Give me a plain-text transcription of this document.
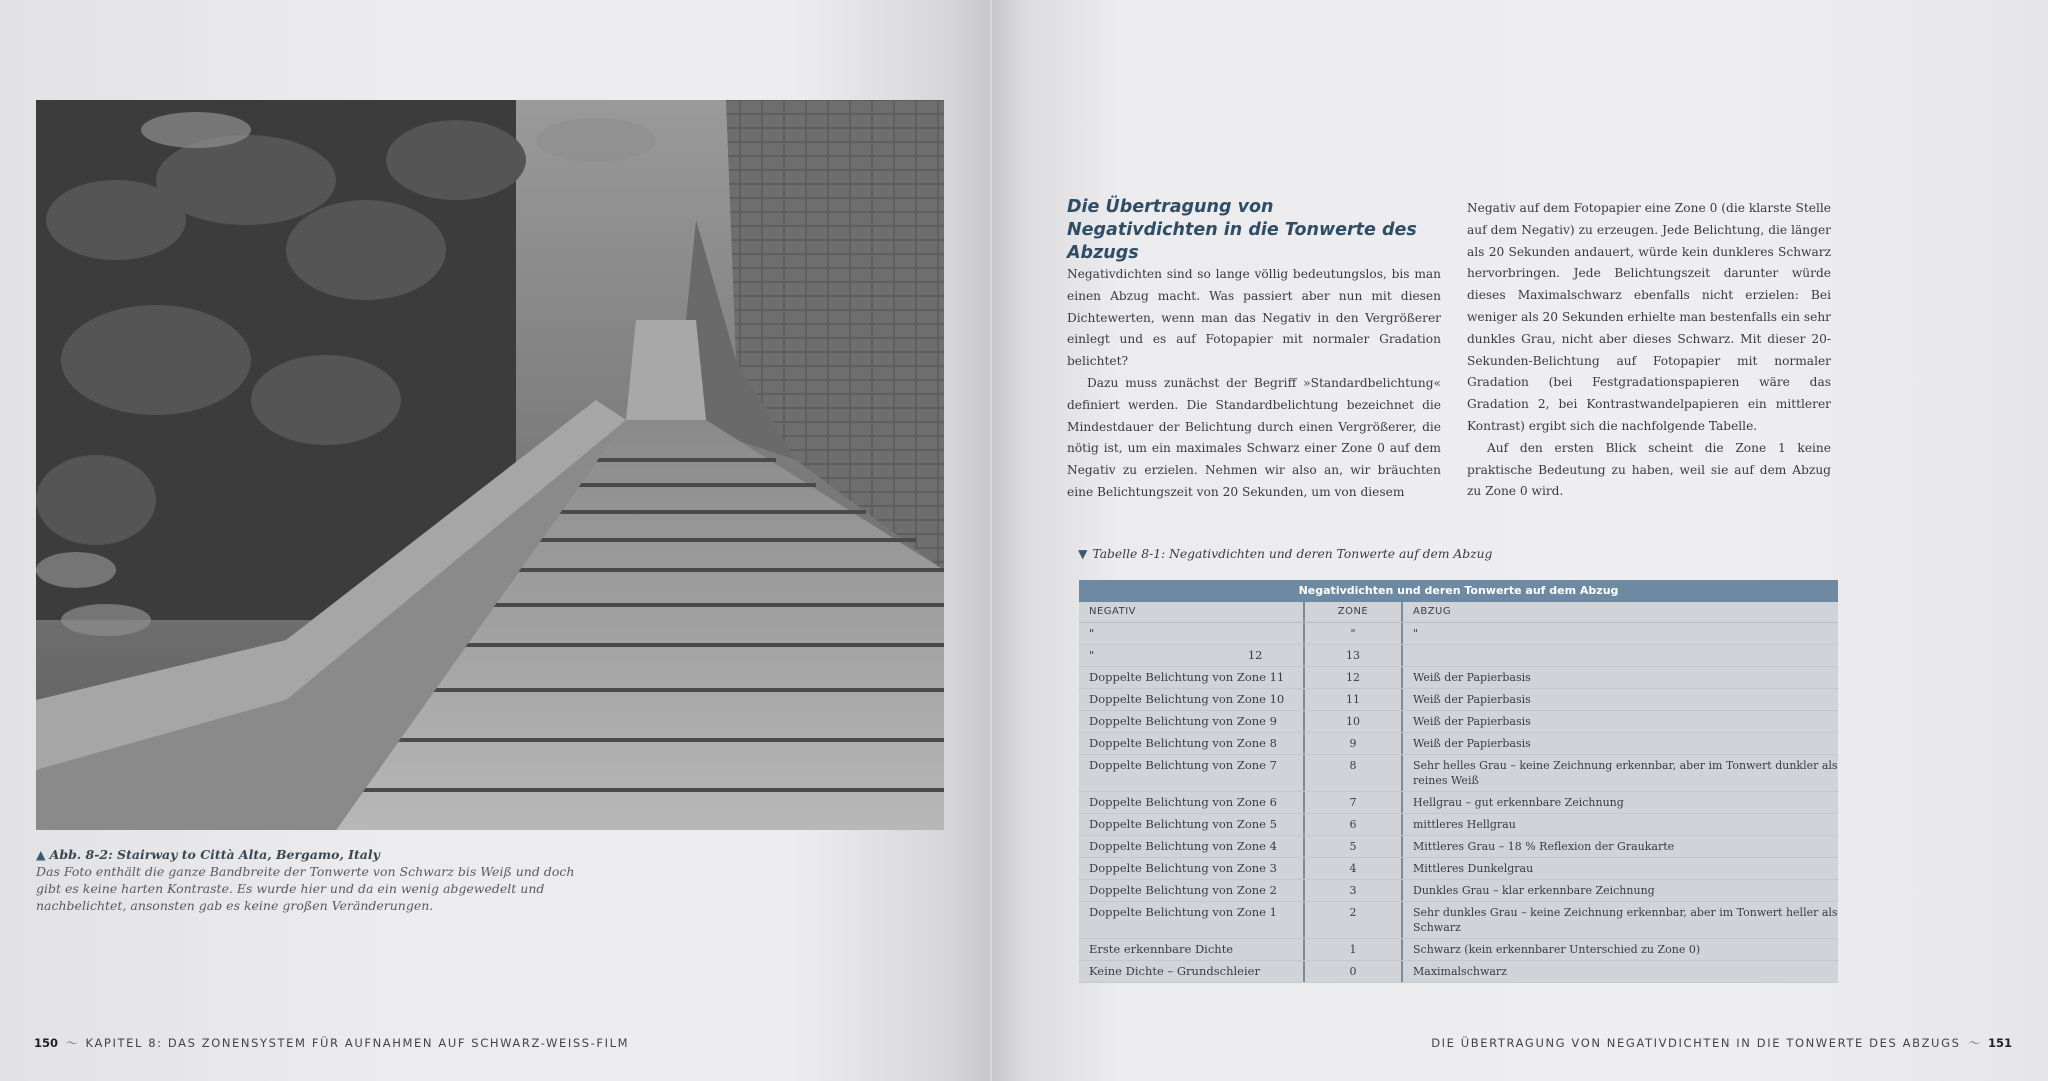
▲ Abb. 8-2: Stairway to Città Alta, Bergamo, Italy
Das Foto enthält die ganze Bandbreite der Tonwerte von Schwarz bis Weiß und doch gibt es keine harten Kontraste. Es wurde hier und da ein wenig abgewedelt und nachbelichtet, ansonsten gab es keine großen Veränderungen.
150 〜 KAPITEL 8: DAS ZONENSYSTEM FÜR AUFNAHMEN AUF SCHWARZ-WEISS-FILM
Die Übertragung von Negativdichten in die Tonwerte des Abzugs

Negativdichten sind so lange völlig bedeutungslos, bis man einen Abzug macht. Was passiert aber nun mit diesen Dichtewerten, wenn man das Negativ in den Vergrößerer einlegt und es auf Fotopapier mit normaler Gradation belichtet?

Dazu muss zunächst der Begriff »Standardbelichtung« definiert werden. Die Standardbelichtung bezeichnet die Mindestdauer der Belichtung durch einen Vergrößerer, die nötig ist, um ein maximales Schwarz einer Zone 0 auf dem Negativ zu erzielen. Nehmen wir also an, wir bräuchten eine Belichtungszeit von 20 Sekunden, um von diesem

Negativ auf dem Fotopapier eine Zone 0 (die klarste Stelle auf dem Negativ) zu erzeugen. Jede Belichtung, die länger als 20 Sekunden andauert, würde kein dunkleres Schwarz hervorbringen. Jede Belichtungszeit darunter würde dieses Maximalschwarz ebenfalls nicht erzielen: Bei weniger als 20 Sekunden erhielte man bestenfalls ein sehr dunkles Grau, nicht aber dieses Schwarz. Mit dieser 20-Sekunden-Belichtung auf Fotopapier mit normaler Gradation (bei Festgradationspapieren wäre das Gradation 2, bei Kontrastwandelpapieren ein mittlerer Kontrast) ergibt sich die nachfolgende Tabelle.

Auf den ersten Blick scheint die Zone 1 keine praktische Bedeutung zu haben, weil sie auf dem Abzug zu Zone 0 wird.

▼ Tabelle 8-1: Negativdichten und deren Tonwerte auf dem Abzug
Negativdichten und deren Tonwerte auf dem Abzug
NEGATIV	ZONE	ABZUG
"	"	"
"                                          12	13
Doppelte Belichtung von Zone 11	12	Weiß der Papierbasis
Doppelte Belichtung von Zone 10	11	Weiß der Papierbasis
Doppelte Belichtung von Zone 9	10	Weiß der Papierbasis
Doppelte Belichtung von Zone 8	9	Weiß der Papierbasis
Doppelte Belichtung von Zone 7	8	Sehr helles Grau – keine Zeichnung erkennbar, aber im Tonwert dunkler als reines Weiß
Doppelte Belichtung von Zone 6	7	Hellgrau – gut erkennbare Zeichnung
Doppelte Belichtung von Zone 5	6	mittleres Hellgrau
Doppelte Belichtung von Zone 4	5	Mittleres Grau – 18 % Reflexion der Graukarte
Doppelte Belichtung von Zone 3	4	Mittleres Dunkelgrau
Doppelte Belichtung von Zone 2	3	Dunkles Grau – klar erkennbare Zeichnung
Doppelte Belichtung von Zone 1	2	Sehr dunkles Grau – keine Zeichnung erkennbar, aber im Tonwert heller als Schwarz
Erste erkennbare Dichte	1	Schwarz (kein erkennbarer Unterschied zu Zone 0)
Keine Dichte – Grundschleier	0	Maximalschwarz
DIE ÜBERTRAGUNG VON NEGATIVDICHTEN IN DIE TONWERTE DES ABZUGS 〜 151
